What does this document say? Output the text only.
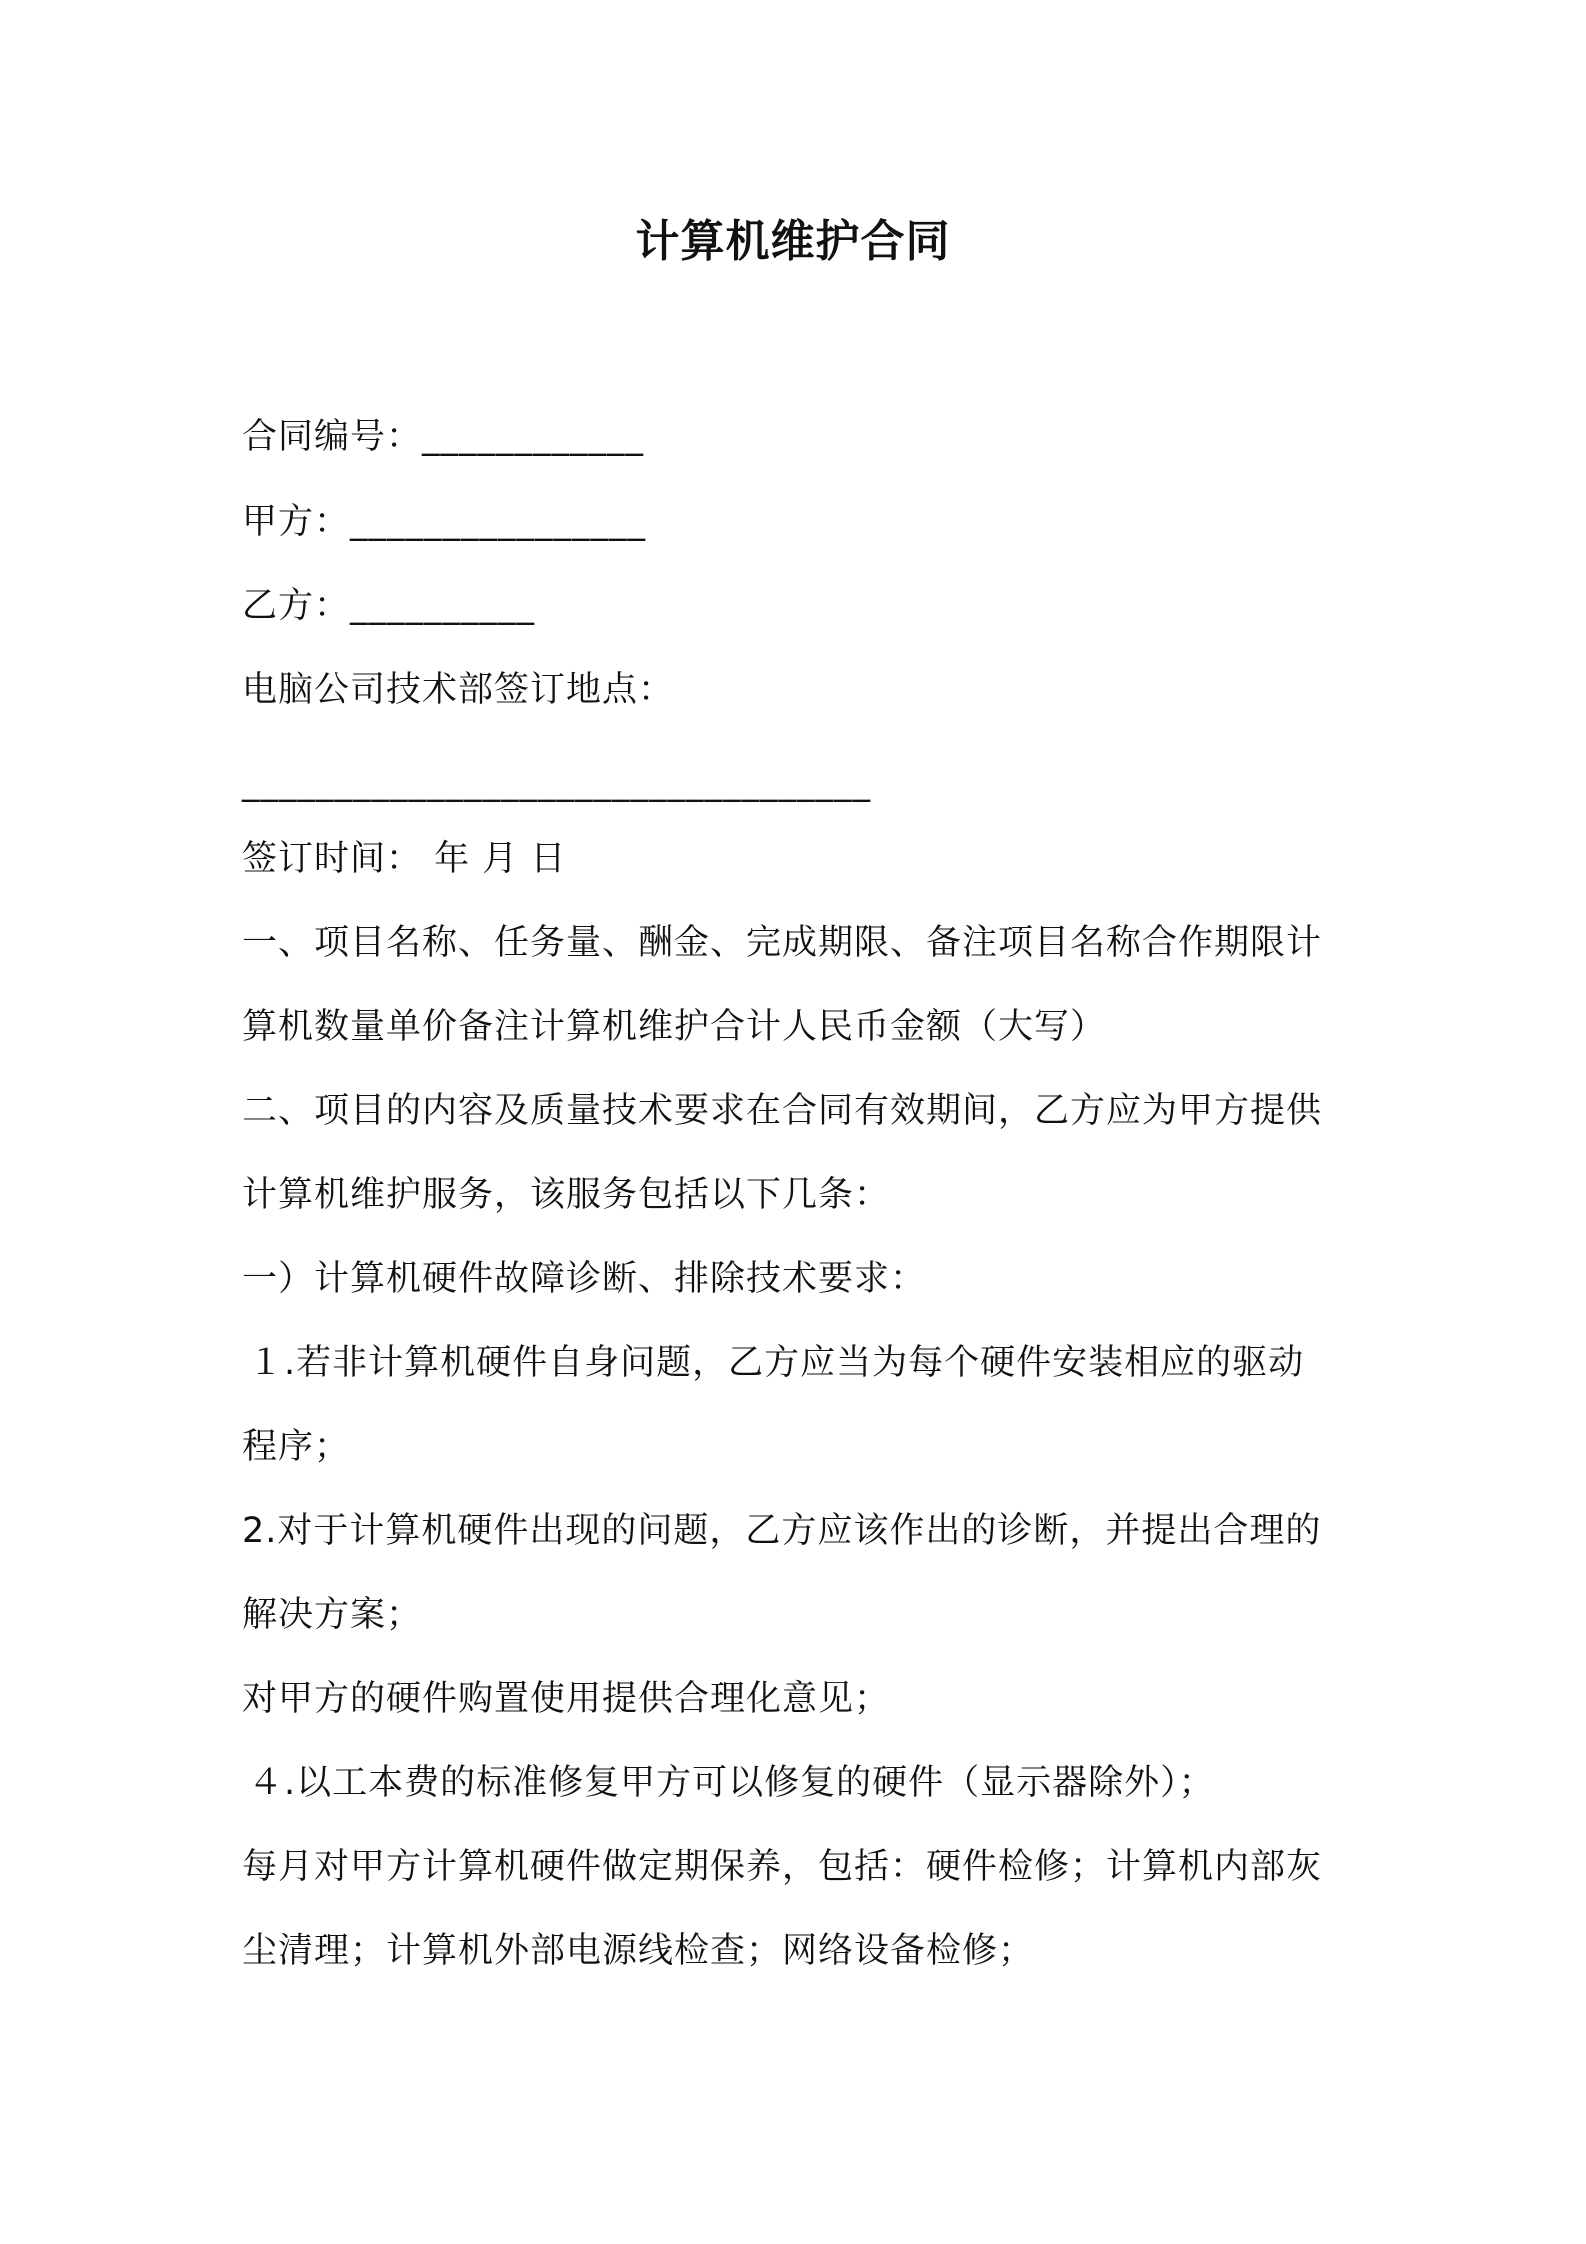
计算机维护合同
合同编号：____________
甲方：________________
乙方：__________
电脑公司技术部签订地点：
__________________________________
签订时间： 年 月 日
一、项目名称、任务量、酬金、完成期限、备注项目名称合作期限计
算机数量单价备注计算机维护合计人民币金额（大写）
二、项目的内容及质量技术要求在合同有效期间，乙方应为甲方提供
计算机维护服务，该服务包括以下几条：
一）计算机硬件故障诊断、排除技术要求：
１.若非计算机硬件自身问题，乙方应当为每个硬件安装相应的驱动
程序；
2.对于计算机硬件出现的问题，乙方应该作出的诊断，并提出合理的
解决方案；
对甲方的硬件购置使用提供合理化意见；
４.以工本费的标准修复甲方可以修复的硬件（显示器除外）；
每月对甲方计算机硬件做定期保养，包括：硬件检修；计算机内部灰
尘清理；计算机外部电源线检查；网络设备检修；
